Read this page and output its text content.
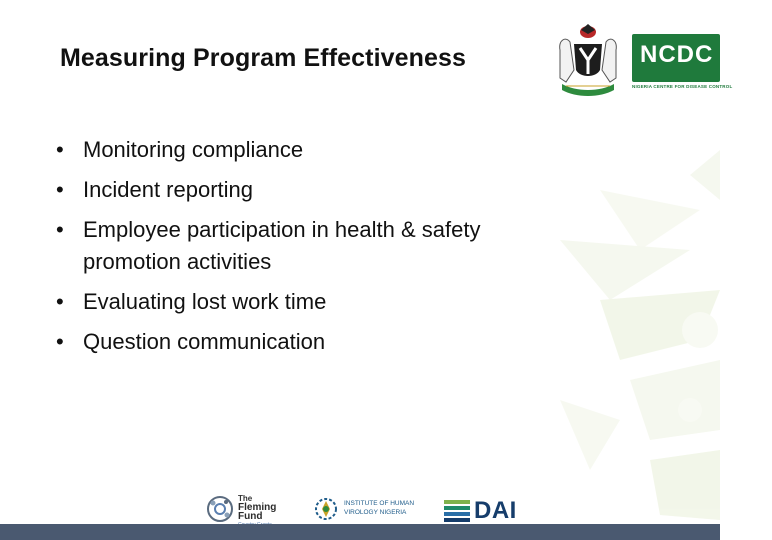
Measuring Program Effectiveness	NCDC
NIGERIA CENTRE FOR DISEASE CONTROL
• Monitoring compliance
• Incident reporting
• Employee participation in health & safety promotion activities
• Evaluating lost work time
• Question communication
The
Fleming Fund
INSTITUTE OF HUMAN
VIROLOGY NIGERIA	DAI
